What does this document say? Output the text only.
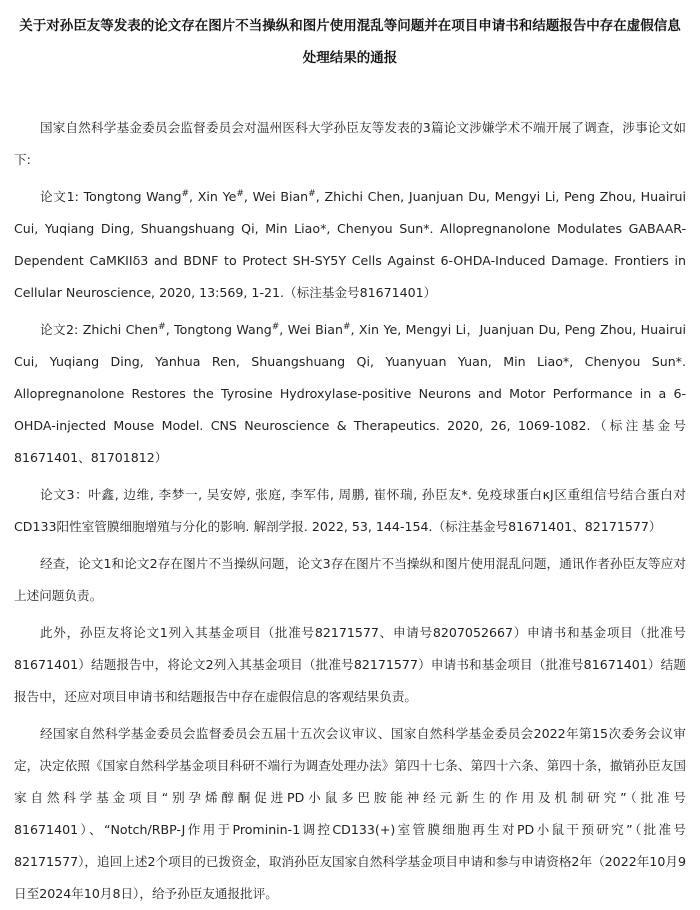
关于对孙臣友等发表的论文存在图片不当操纵和图片使用混乱等问题并在项目申请书和结题报告中存在虚假信息
处理结果的通报

国家自然科学基金委员会监督委员会对温州医科大学孙臣友等发表的3篇论文涉嫌学术不端开展了调查，涉事论文如下:

论文1: Tongtong Wang#, Xin Ye#, Wei Bian#, Zhichi Chen, Juanjuan Du, Mengyi Li, Peng Zhou, Huairui Cui, Yuqiang Ding, Shuangshuang Qi, Min Liao*, Chenyou Sun*. Allopregnanolone Modulates GABAAR-Dependent CaMKIIδ3 and BDNF to Protect SH-SY5Y Cells Against 6-OHDA-Induced Damage. Frontiers in Cellular Neuroscience, 2020, 13:569, 1-21.（标注基金号81671401）

论文2: Zhichi Chen#, Tongtong Wang#, Wei Bian#, Xin Ye, Mengyi Li，Juanjuan Du, Peng Zhou, Huairui Cui, Yuqiang Ding, Yanhua Ren, Shuangshuang Qi, Yuanyuan Yuan, Min Liao*, Chenyou Sun*. Allopregnanolone Restores the Tyrosine Hydroxylase-positive Neurons and Motor Performance in a 6-OHDA-injected Mouse Model. CNS Neuroscience & Therapeutics. 2020, 26, 1069-1082.（标注基金号81671401、81701812）

论文3：叶鑫, 边维, 李梦一, 吴安婷, 张庭, 李军伟, 周鹏, 崔怀瑞, 孙臣友*. 免疫球蛋白κJ区重组信号结合蛋白对CD133阳性室管膜细胞增殖与分化的影响. 解剖学报. 2022, 53, 144-154.（标注基金号81671401、82171577）

经查，论文1和论文2存在图片不当操纵问题，论文3存在图片不当操纵和图片使用混乱问题，通讯作者孙臣友等应对上述问题负责。

此外，孙臣友将论文1列入其基金项目（批准号82171577、申请号8207052667）申请书和基金项目（批准号81671401）结题报告中，将论文2列入其基金项目（批准号82171577）申请书和基金项目（批准号81671401）结题报告中，还应对项目申请书和结题报告中存在虚假信息的客观结果负责。

经国家自然科学基金委员会监督委员会五届十五次会议审议、国家自然科学基金委员会2022年第15次委务会议审定，决定依照《国家自然科学基金项目科研不端行为调查处理办法》第四十七条、第四十六条、第四十条，撤销孙臣友国家自然科学基金项目“别孕烯醇酮促进PD小鼠多巴胺能神经元新生的作用及机制研究”（批准号81671401）、“Notch/RBP-J作用于Prominin-1调控CD133(+)室管膜细胞再生对PD小鼠干预研究”（批准号82171577），追回上述2个项目的已拨资金，取消孙臣友国家自然科学基金项目申请和参与申请资格2年（2022年10月9日至2024年10月8日），给予孙臣友通报批评。
